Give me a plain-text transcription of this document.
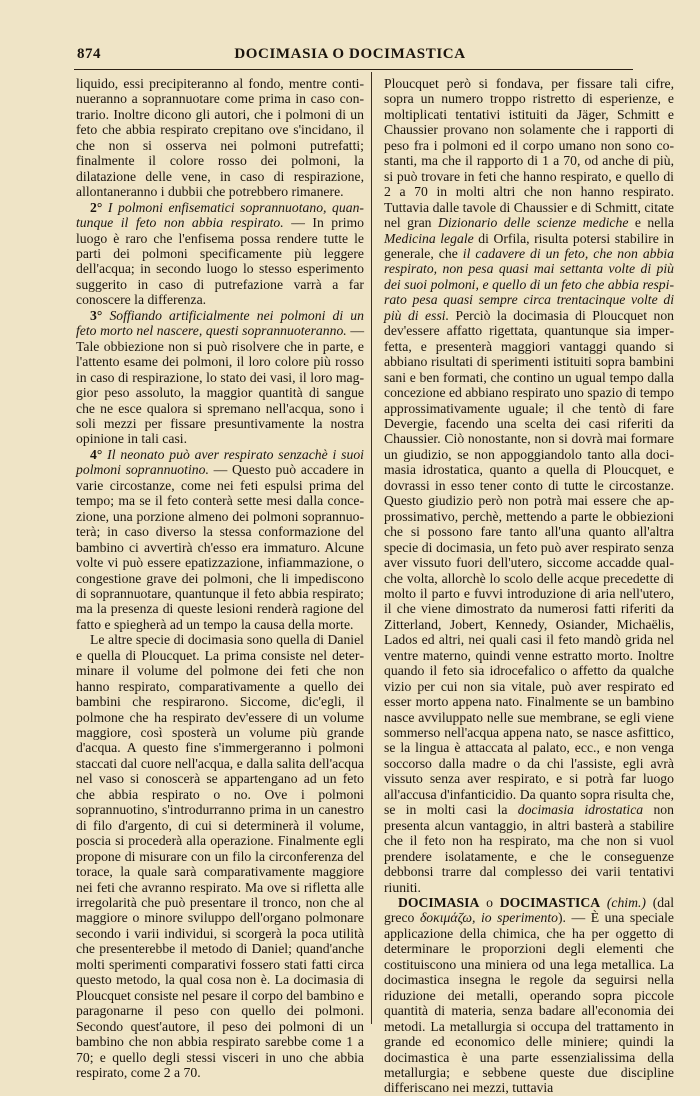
874	DOCIMASIA O DOCIMASTICA

liquido, essi precipiteranno al fondo, mentre continueranno a soprannuotare come prima in caso contrario. Inoltre dicono gli autori, che i polmoni di un feto che abbia respirato crepitano ove s'incidano, il che non si osserva nei polmoni putrefatti; finalmente il colore rosso dei polmoni, la dilatazione delle vene, in caso di respirazione, allontaneranno i dubbii che potrebbero rimanere.

2° I polmoni enfisematici soprannuotano, quantunque il feto non abbia respirato. — In primo luogo è raro che l'enfisema possa rendere tutte le parti dei polmoni specificamente più leggere dell'acqua; in secondo luogo lo stesso esperimento suggerito in caso di putrefazione varrà a far conoscere la differenza.

3° Soffiando artificialmente nei polmoni di un feto morto nel nascere, questi soprannuoteranno. — Tale obbiezione non si può risolvere che in parte, e l'attento esame dei polmoni, il loro colore più rosso in caso di respirazione, lo stato dei vasi, il loro maggior peso assoluto, la maggior quantità di sangue che ne esce qualora si spremano nell'acqua, sono i soli mezzi per fissare presuntivamente la nostra opinione in tali casi.

4° Il neonato può aver respirato senzachè i suoi polmoni soprannuotino. — Questo può accadere in varie circostanze, come nei feti espulsi prima del tempo; ma se il feto conterà sette mesi dalla concezione, una porzione almeno dei polmoni soprannuoterà; in caso diverso la stessa conformazione del bambino ci avvertirà ch'esso era immaturo. Alcune volte vi può essere epatizzazione, infiammazione, o congestione grave dei polmoni, che li impediscono di soprannuotare, quantunque il feto abbia respirato; ma la presenza di queste lesioni renderà ragione del fatto e spiegherà ad un tempo la causa della morte.

Le altre specie di docimasia sono quella di Daniel e quella di Ploucquet. La prima consiste nel determinare il volume del polmone dei feti che non hanno respirato, comparativamente a quello dei bambini che respirarono. Siccome, dic'egli, il polmone che ha respirato dev'essere di un volume maggiore, così sposterà un volume più grande d'acqua. A questo fine s'immergeranno i polmoni staccati dal cuore nell'acqua, e dalla salita dell'acqua nel vaso si conoscerà se appartengano ad un feto che abbia respirato o no. Ove i polmoni soprannuotino, s'introdurranno prima in un canestro di filo d'argento, di cui si determinerà il volume, poscia si procederà alla operazione. Finalmente egli propone di misurare con un filo la circonferenza del torace, la quale sarà comparativamente maggiore nei feti che avranno respirato. Ma ove si rifletta alle irregolarità che può presentare il tronco, non che al maggiore o minore sviluppo dell'organo polmonare secondo i varii individui, si scorgerà la poca utilità che presenterebbe il metodo di Daniel; quand'anche molti sperimenti comparativi fossero stati fatti circa questo metodo, la qual cosa non è. La docimasia di Ploucquet consiste nel pesare il corpo del bambino e paragonarne il peso con quello dei polmoni. Secondo quest'autore, il peso dei polmoni di un bambino che non abbia respirato sarebbe come 1 a 70; e quello degli stessi visceri in uno che abbia respirato, come 2 a 70.

Ploucquet però si fondava, per fissare tali cifre, sopra un numero troppo ristretto di esperienze, e moltiplicati tentativi istituiti da Jäger, Schmitt e Chaussier provano non solamente che i rapporti di peso fra i polmoni ed il corpo umano non sono costanti, ma che il rapporto di 1 a 70, od anche di più, si può trovare in feti che hanno respirato, e quello di 2 a 70 in molti altri che non hanno respirato. Tuttavia dalle tavole di Chaussier e di Schmitt, citate nel gran Dizionario delle scienze mediche e nella Medicina legale di Orfila, risulta potersi stabilire in generale, che il cadavere di un feto, che non abbia respirato, non pesa quasi mai settanta volte di più dei suoi polmoni, e quello di un feto che abbia respirato pesa quasi sempre circa trentacinque volte di più di essi. Perciò la docimasia di Ploucquet non dev'essere affatto rigettata, quantunque sia imperfetta, e presenterà maggiori vantaggi quando si abbiano risultati di sperimenti istituiti sopra bambini sani e ben formati, che contino un ugual tempo dalla concezione ed abbiano respirato uno spazio di tempo approssimativamente uguale; il che tentò di fare Devergie, facendo una scelta dei casi riferiti da Chaussier. Ciò nonostante, non si dovrà mai formare un giudizio, se non appoggiandolo tanto alla docimasia idrostatica, quanto a quella di Ploucquet, e dovrassi in esso tener conto di tutte le circostanze. Questo giudizio però non potrà mai essere che approssimativo, perchè, mettendo a parte le obbiezioni che si possono fare tanto all'una quanto all'altra specie di docimasia, un feto può aver respirato senza aver vissuto fuori dell'utero, siccome accadde qualche volta, allorchè lo scolo delle acque precedette di molto il parto e fuvvi introduzione di aria nell'utero, il che viene dimostrato da numerosi fatti riferiti da Zitterland, Jobert, Kennedy, Osiander, Michaëlis, Lados ed altri, nei quali casi il feto mandò grida nel ventre materno, quindi venne estratto morto. Inoltre quando il feto sia idrocefalico o affetto da qualche vizio per cui non sia vitale, può aver respirato ed esser morto appena nato. Finalmente se un bambino nasce avviluppato nelle sue membrane, se egli viene sommerso nell'acqua appena nato, se nasce asfittico, se la lingua è attaccata al palato, ecc., e non venga soccorso dalla madre o da chi l'assiste, egli avrà vissuto senza aver respirato, e si potrà far luogo all'accusa d'infanticidio. Da quanto sopra risulta che, se in molti casi la docimasia idrostatica non presenta alcun vantaggio, in altri basterà a stabilire che il feto non ha respirato, ma che non si vuol prendere isolatamente, e che le conseguenze debbonsi trarre dal complesso dei varii tentativi riuniti.

DOCIMASIA o DOCIMASTICA (chim.) (dal greco δοκιμάζω, io sperimento). — È una speciale applicazione della chimica, che ha per oggetto di determinare le proporzioni degli elementi che costituiscono una miniera od una lega metallica. La docimastica insegna le regole da seguirsi nella riduzione dei metalli, operando sopra piccole quantità di materia, senza badare all'economia dei metodi. La metallurgia si occupa del trattamento in grande ed economico delle miniere; quindi la docimastica è una parte essenzialissima della metallurgia; e sebbene queste due discipline differiscano nei mezzi, tuttavia
